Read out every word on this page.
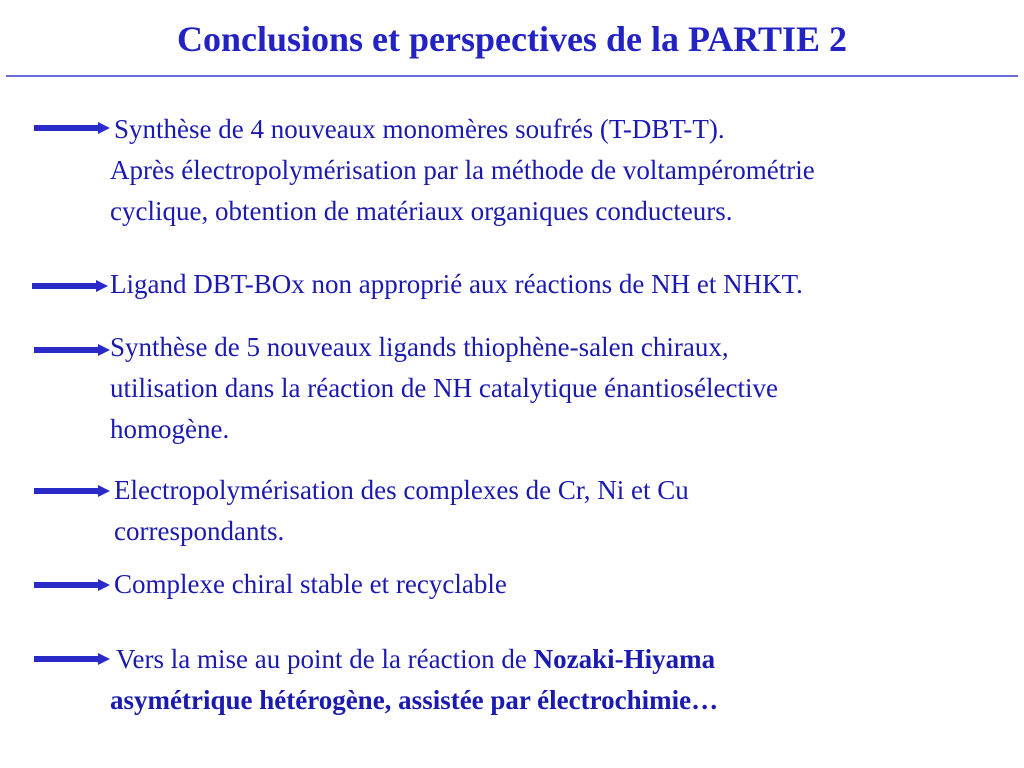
Conclusions et perspectives de la PARTIE 2
Synthèse de 4 nouveaux monomères soufrés (T-DBT-T).
Après électropolymérisation par la méthode de voltampérométrie
cyclique, obtention de matériaux organiques conducteurs.
Ligand DBT-BOx non approprié aux réactions de NH et NHKT.
Synthèse de 5 nouveaux ligands thiophène-salen chiraux,
utilisation dans la réaction de NH catalytique énantiosélective
homogène.
Electropolymérisation des complexes de Cr, Ni et Cu
correspondants.
Complexe chiral stable et recyclable
Vers la mise au point de la réaction de Nozaki-Hiyama
asymétrique hétérogène, assistée par électrochimie…
